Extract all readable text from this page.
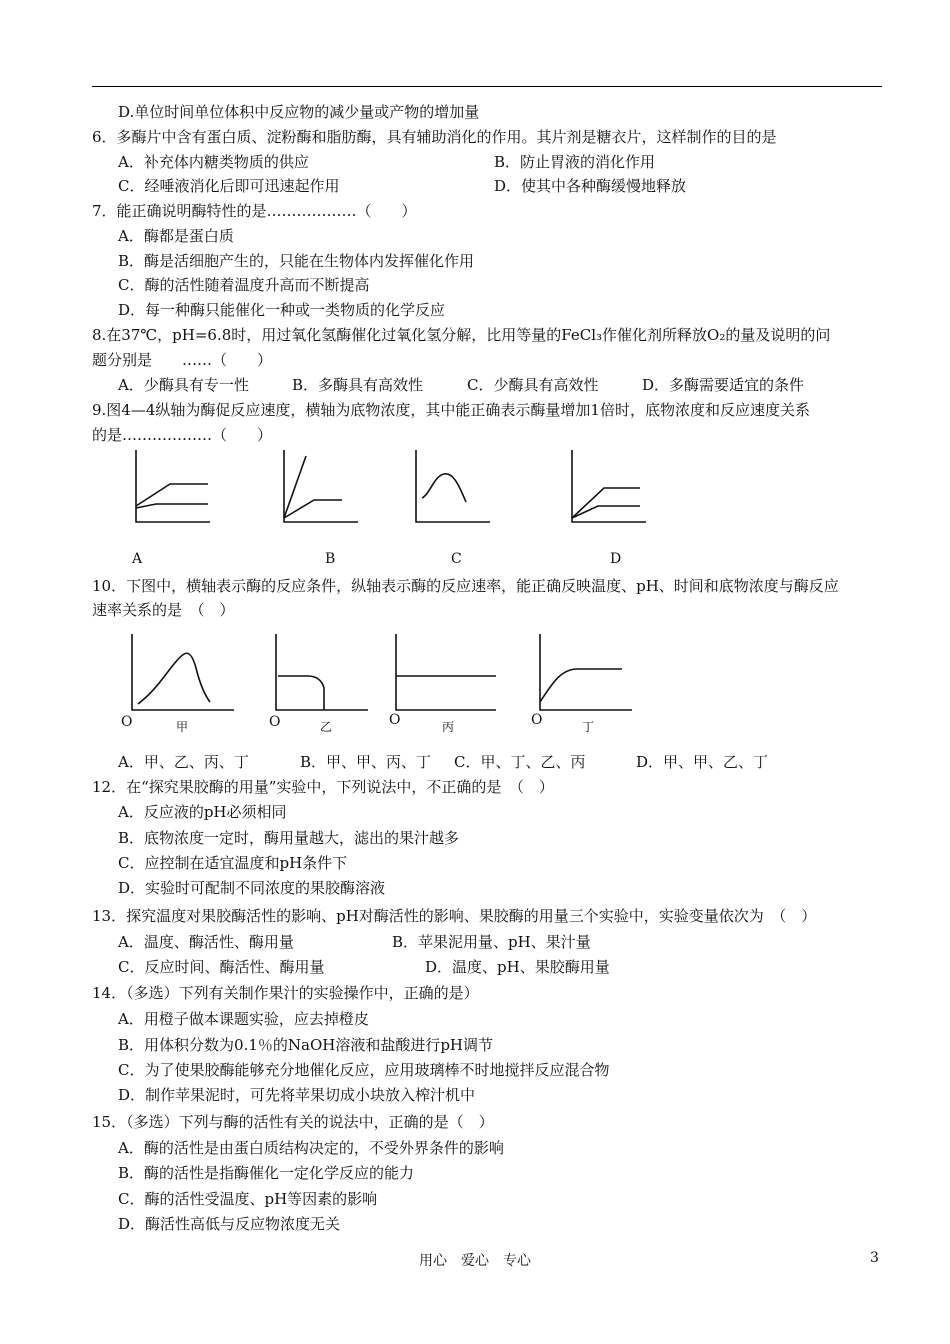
D.单位时间单位体积中反应物的减少量或产物的增加量
6．多酶片中含有蛋白质、淀粉酶和脂肪酶，具有辅助消化的作用。其片剂是糖衣片，这样制作的目的是
A．补充体内糖类物质的供应	B．防止胃液的消化作用
C．经唾液消化后即可迅速起作用	D．使其中各种酶缓慢地释放
7．能正确说明酶特性的是………………（　　）
A．酶都是蛋白质
B．酶是活细胞产生的，只能在生物体内发挥催化作用
C．酶的活性随着温度升高而不断提高
D．每一种酶只能催化一种或一类物质的化学反应
8.在37℃，pH=6.8时，用过氧化氢酶催化过氧化氢分解，比用等量的FeCl₃作催化剂所释放O₂的量及说明的问
题分别是　　……（　　）
A．少酶具有专一性	B．多酶具有高效性	C．少酶具有高效性	D．多酶需要适宜的条件
9.图4—4纵轴为酶促反应速度，横轴为底物浓度，其中能正确表示酶量增加1倍时，底物浓度和反应速度关系
的是………………（　　）
A	B	C	D
10．下图中，横轴表示酶的反应条件，纵轴表示酶的反应速率，能正确反映温度、pH、时间和底物浓度与酶反应
速率关系的是　（　）
O	O	O	O
甲	乙	丙	丁
A．甲、乙、丙、丁	B．甲、甲、丙、丁 C．甲、丁、乙、丙	D．甲、甲、乙、丁
12．在“探究果胶酶的用量”实验中，下列说法中，不正确的是　（　）
A．反应液的pH必须相同
B．底物浓度一定时，酶用量越大，滤出的果汁越多
C．应控制在适宜温度和pH条件下
D．实验时可配制不同浓度的果胶酶溶液
13．探究温度对果胶酶活性的影响、pH对酶活性的影响、果胶酶的用量三个实验中，实验变量依次为　（　）
A．温度、酶活性、酶用量	B．苹果泥用量、pH、果汁量
C．反应时间、酶活性、酶用量	D．温度、pH、果胶酶用量
14．（多选）下列有关制作果汁的实验操作中，正确的是）
A．用橙子做本课题实验，应去掉橙皮
B．用体积分数为0.1％的NaOH溶液和盐酸进行pH调节
C．为了使果胶酶能够充分地催化反应，应用玻璃棒不时地搅拌反应混合物
D．制作苹果泥时，可先将苹果切成小块放入榨汁机中
15．（多选）下列与酶的活性有关的说法中，正确的是（　）
A．酶的活性是由蛋白质结构决定的，不受外界条件的影响
B．酶的活性是指酶催化一定化学反应的能力
C．酶的活性受温度、pH等因素的影响
D．酶活性高低与反应物浓度无关
用心　爱心　专心	3
